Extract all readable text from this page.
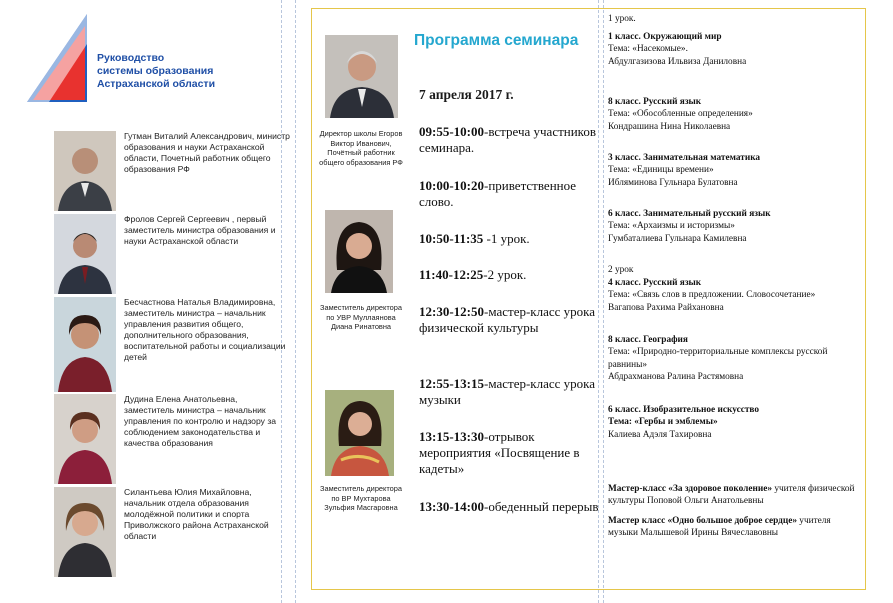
Руководство
системы образования
Астраханской области
Гутман Виталий Александрович, министр образования и науки Астраханской области, Почетный работник общего образования РФ
Фролов Сергей Сергеевич , первый заместитель министра образования и науки Астраханской области
Бесчастнова Наталья Владимировна, заместитель министра – начальник управления развития общего, дополнительного образования, воспитательной работы и социализации детей
Дудина Елена Анатольевна, заместитель министра – начальник управления по контролю и надзору за соблюдением законодательства и качества образования
Силантьева Юлия Михайловна, начальник отдела образования молодёжной политики и спорта Приволжского района Астраханской области
Программа семинара
Директор школы Егоров Виктор Иванович, Почётный работник общего образования РФ
Заместитель директора по УВР Муллаянова Диана Ринатовна
Заместитель директора по ВР Мухтарова Зульфия Масгаровна
7 апреля 2017 г.
09:55-10:00-встреча участников семинара.
10:00-10:20-приветственное слово.
10:50-11:35 -1 урок.
11:40-12:25-2 урок.
12:30-12:50-мастер-класс урока физической культуры
12:55-13:15-мастер-класс урока музыки
13:15-13:30-отрывок мероприятия «Посвящение в кадеты»
13:30-14:00-обеденный перерыв
1 урок.
1 класс. Окружающий мир
Тема: «Насекомые».
Абдулгазизова Ильвиза Даниловна
8 класс. Русский язык
Тема: «Обособленные определения»
Кондрашина Нина Николаевна
3 класс. Занимательная математика
Тема: «Единицы времени»
Ибляминова Гульнара Булатовна
6 класс. Занимательный русский язык
Тема: «Архаизмы и историзмы»
Гумбаталиева Гульнара Камилевна
2 урок
4 класс. Русский язык
Тема: «Связь слов в предложении. Словосочетание»
Вагапова Рахима Райхановна
8 класс. География
Тема: «Природно-территориальные комплексы русской равнины»
Абдрахманова Ралина Растямовна
6 класс. Изобразительное искусство
Тема: «Гербы и эмблемы»
Калиева Адэля Тахировна
Мастер-класс «За здоровое поколение» учителя физической культуры Поповой Ольги Анатольевны
Мастер класс «Одно большое доброе сердце» учителя музыки Малышевой Ирины Вячеславовны
